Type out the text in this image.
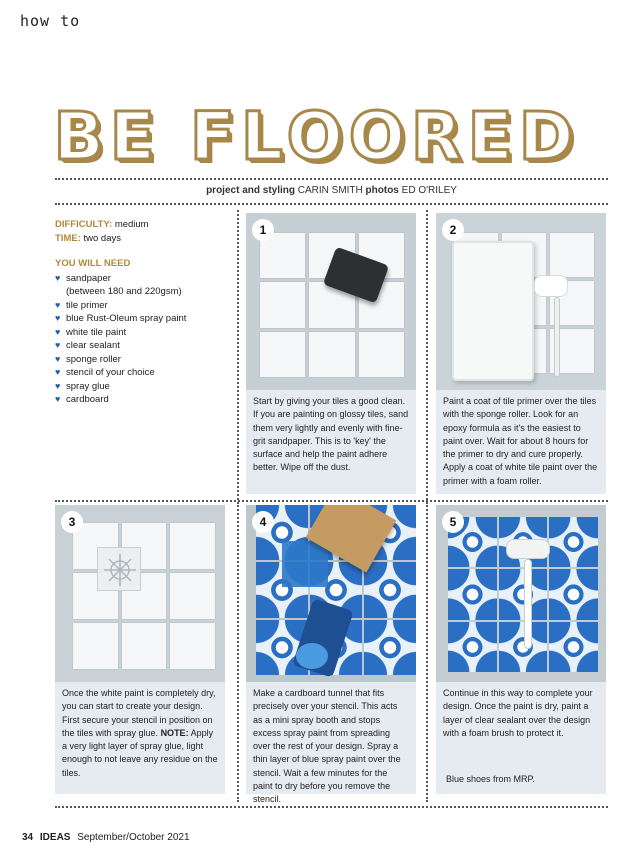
how to
BE FLOORED
project and styling CARIN SMITH photos ED O'RILEY
DIFFICULTY: medium
TIME: two days
YOU WILL NEED
♥ sandpaper
(between 180 and 220gsm)
♥ tile primer
♥ blue Rust-Oleum spray paint
♥ white tile paint
♥ clear sealant
♥ sponge roller
♥ stencil of your choice
♥ spray glue
♥ cardboard
1
Start by giving your tiles a good clean. If you are painting on glossy tiles, sand them very lightly and evenly with fine-grit sandpaper. This is to 'key' the surface and help the paint adhere better. Wipe off the dust.
2
Paint a coat of tile primer over the tiles with the sponge roller. Look for an epoxy formula as it's the easiest to paint over. Wait for about 8 hours for the primer to dry and cure properly. Apply a coat of white tile paint over the primer with a foam roller.
3
Once the white paint is completely dry, you can start to create your design. First secure your stencil in position on the tiles with spray glue. NOTE: Apply a very light layer of spray glue, light enough to not leave any residue on the tiles.
4
Make a cardboard tunnel that fits precisely over your stencil. This acts as a mini spray booth and stops excess spray paint from spreading over the rest of your design. Spray a thin layer of blue spray paint over the stencil. Wait a few minutes for the paint to dry before you remove the stencil.
5
Continue in this way to complete your design. Once the paint is dry, paint a layer of clear sealant over the design with a foam brush to protect it.
Blue shoes from MRP.
34 IDEAS September/October 2021
